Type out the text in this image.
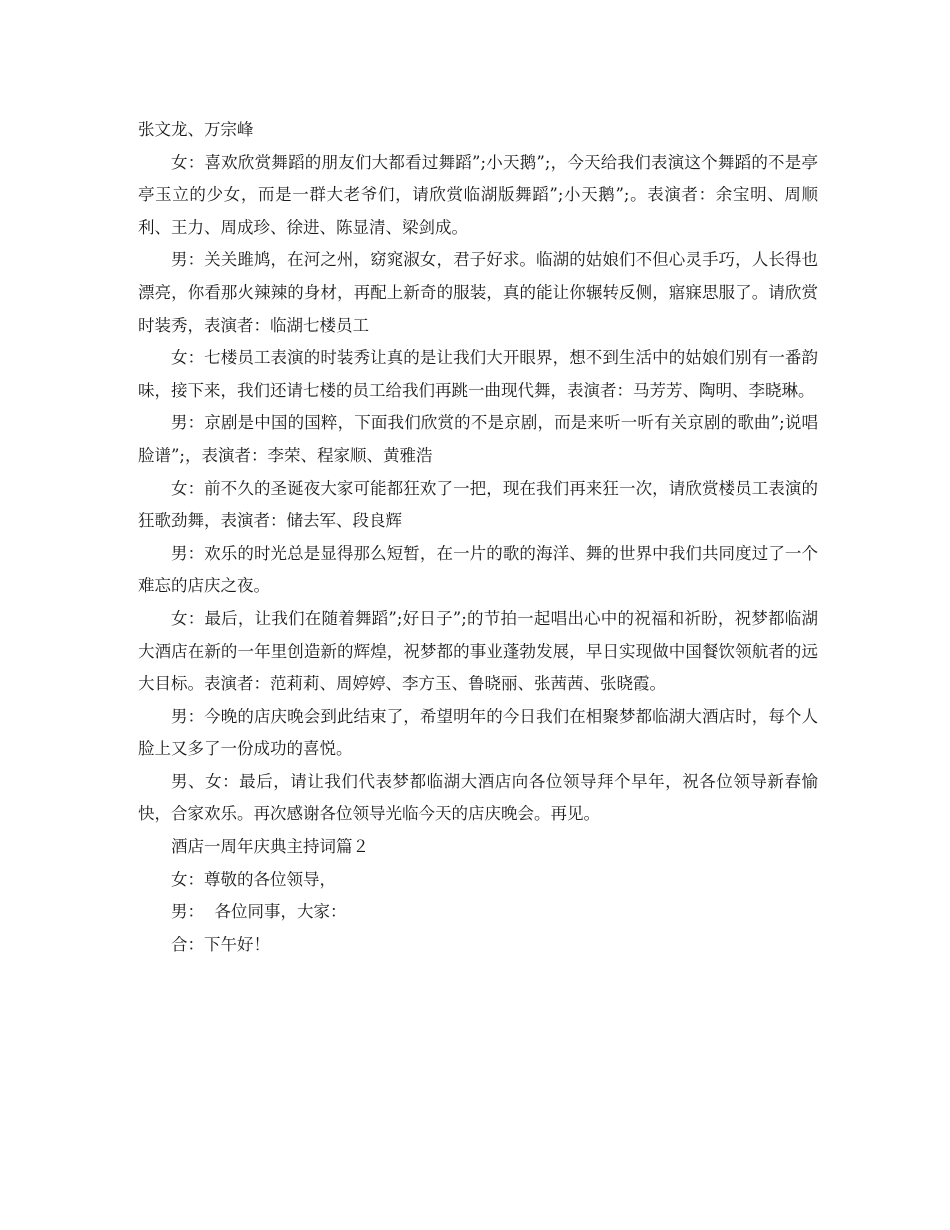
张文龙、万宗峰

女：喜欢欣赏舞蹈的朋友们大都看过舞蹈”;小天鹅”;，今天给我们表演这个舞蹈的不是亭亭玉立的少女，而是一群大老爷们，请欣赏临湖版舞蹈”;小天鹅”;。表演者：余宝明、周顺利、王力、周成珍、徐进、陈显清、梁剑成。

男：关关雎鸠，在河之州，窈窕淑女，君子好求。临湖的姑娘们不但心灵手巧，人长得也漂亮，你看那火辣辣的身材，再配上新奇的服装，真的能让你辗转反侧，寤寐思服了。请欣赏时装秀，表演者：临湖七楼员工

女：七楼员工表演的时装秀让真的是让我们大开眼界，想不到生活中的姑娘们别有一番韵味，接下来，我们还请七楼的员工给我们再跳一曲现代舞，表演者：马芳芳、陶明、李晓琳。

男：京剧是中国的国粹，下面我们欣赏的不是京剧，而是来听一听有关京剧的歌曲”;说唱脸谱”;，表演者：李荣、程家顺、黄雅浩

女：前不久的圣诞夜大家可能都狂欢了一把，现在我们再来狂一次，请欣赏楼员工表演的狂歌劲舞，表演者：储去军、段良辉

男：欢乐的时光总是显得那么短暂，在一片的歌的海洋、舞的世界中我们共同度过了一个难忘的店庆之夜。

女：最后，让我们在随着舞蹈”;好日子”;的节拍一起唱出心中的祝福和祈盼，祝梦都临湖大酒店在新的一年里创造新的辉煌，祝梦都的事业蓬勃发展，早日实现做中国餐饮领航者的远大目标。表演者：范莉莉、周婷婷、李方玉、鲁晓丽、张茜茜、张晓霞。

男：今晚的店庆晚会到此结束了，希望明年的今日我们在相聚梦都临湖大酒店时，每个人脸上又多了一份成功的喜悦。

男、女：最后，请让我们代表梦都临湖大酒店向各位领导拜个早年，祝各位领导新春愉快，合家欢乐。再次感谢各位领导光临今天的店庆晚会。再见。

酒店一周年庆典主持词篇２

女：尊敬的各位领导，

男：  各位同事，大家：

合：下午好！
